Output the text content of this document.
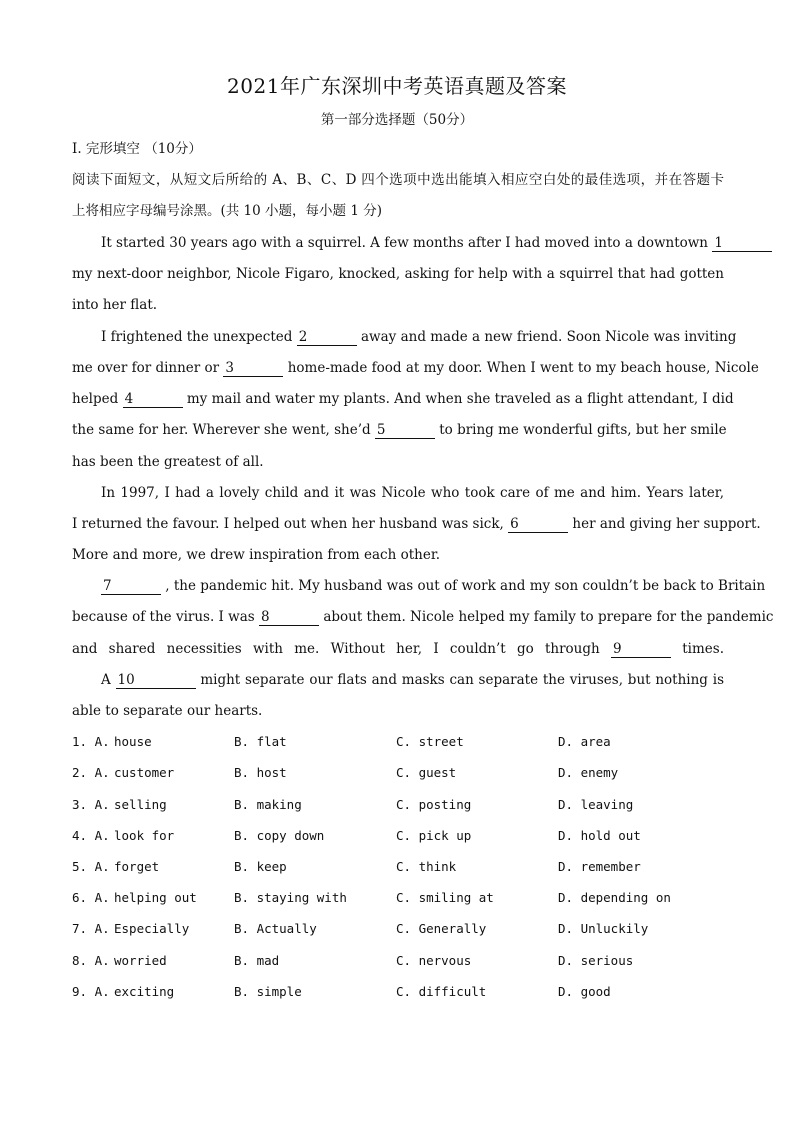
2021年广东深圳中考英语真题及答案
第一部分选择题（50分）
I. 完形填空 （10分）
阅读下面短文，从短文后所给的 A、B、C、D 四个选项中选出能填入相应空白处的最佳选项，并在答题卡
上将相应字母编号涂黑。(共 10 小题，每小题 1 分)
It started 30 years ago with a squirrel. A few months after I had moved into a downtown 1
my next-door neighbor, Nicole Figaro, knocked, asking for help with a squirrel that had gotten
into her flat.
I frightened the unexpected 2	away and made a new friend. Soon Nicole was inviting
me over for dinner or 3	home-made food at my door. When I went to my beach house, Nicole
helped 4	my mail and water my plants. And when she traveled as a flight attendant, I did
the same for her. Wherever she went, she’d 5	to bring me wonderful gifts, but her smile
has been the greatest of all.
In 1997, I had a lovely child and it was Nicole who took care of me and him. Years later,
I returned the favour. I helped out when her husband was sick, 6	her and giving her support.
More and more, we drew inspiration from each other.
7	, the pandemic hit. My husband was out of work and my son couldn’t be back to Britain
because of the virus. I was 8	about them. Nicole helped my family to prepare for the pandemic
and shared necessities with me. Without her, I couldn’t go through 9	times.
A 10	might separate our flats and masks can separate the viruses, but nothing is
able to separate our hearts.
1. A. house	B. flat	C. street	D. area
2. A. customer	B. host	C. guest	D. enemy
3. A. selling	B. making	C. posting	D. leaving
4. A. look for	B. copy down	C. pick up	D. hold out
5. A. forget	B. keep	C. think	D. remember
6. A. helping out	B. staying with	C. smiling at	D. depending on
7. A. Especially	B. Actually	C. Generally	D. Unluckily
8. A. worried	B. mad	C. nervous	D. serious
9. A. exciting	B. simple	C. difficult	D. good
